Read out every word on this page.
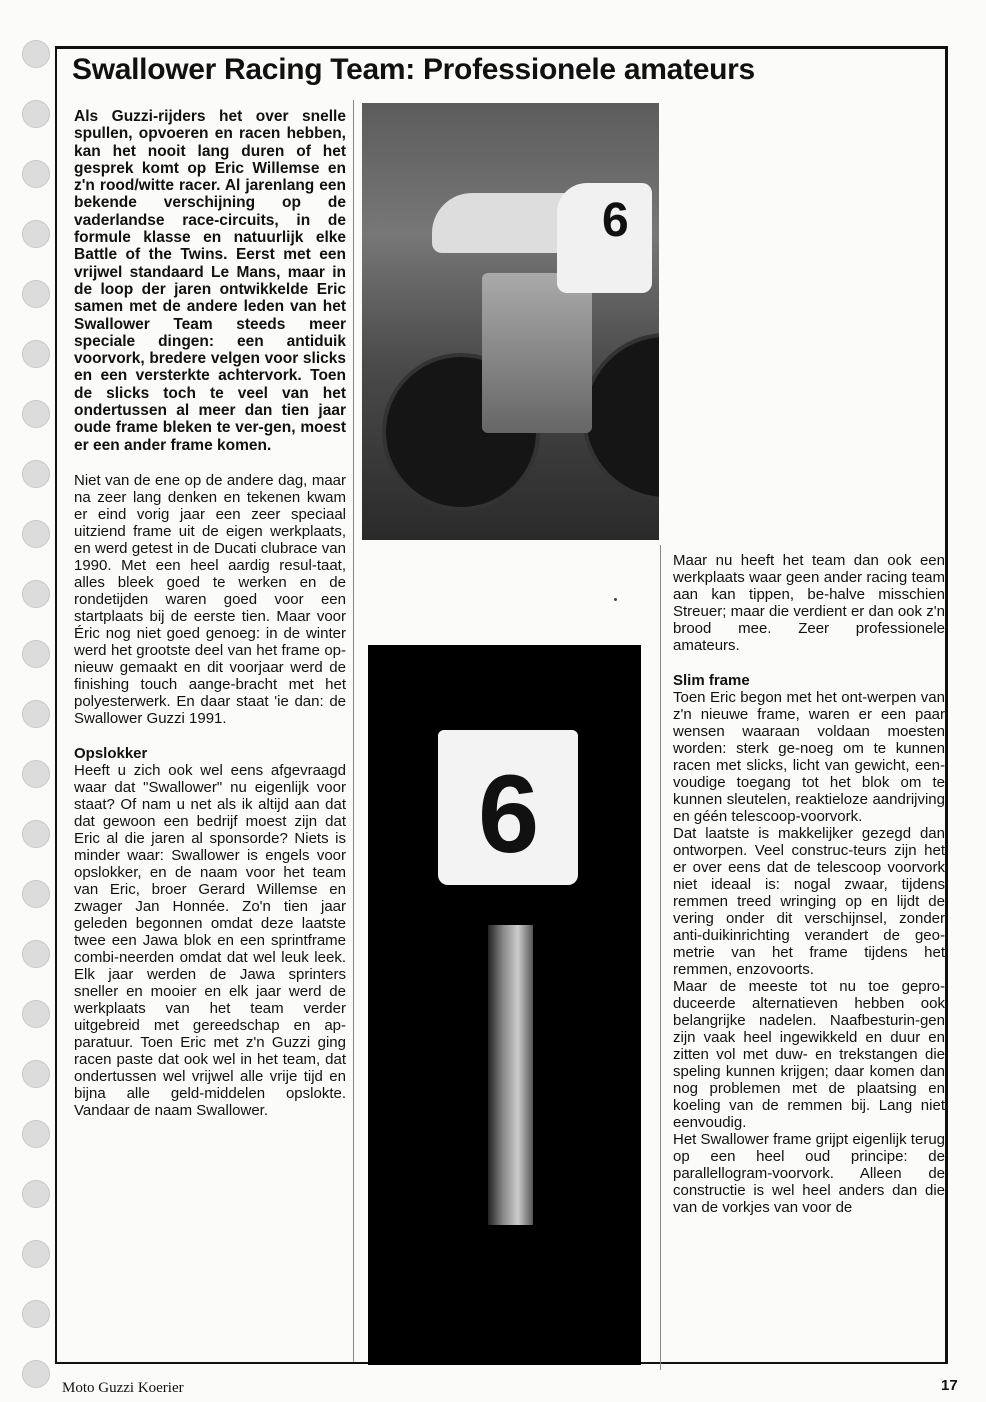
Swallower Racing Team: Professionele amateurs

Als Guzzi-rijders het over snelle spullen, opvoeren en racen hebben, kan het nooit lang duren of het gesprek komt op Eric Willemse en z'n rood/witte racer. Al jarenlang een bekende verschijning op de vaderlandse race-circuits, in de formule klasse en natuurlijk elke Battle of the Twins. Eerst met een vrijwel standaard Le Mans, maar in de loop der jaren ontwikkelde Eric samen met de andere leden van het Swallower Team steeds meer speciale dingen: een antiduik voorvork, bredere velgen voor slicks en een versterkte achtervork. Toen de slicks toch te veel van het ondertussen al meer dan tien jaar oude frame bleken te ver-gen, moest er een ander frame komen.

Niet van de ene op de andere dag, maar na zeer lang denken en tekenen kwam er eind vorig jaar een zeer speciaal uitziend frame uit de eigen werkplaats, en werd getest in de Ducati clubrace van 1990. Met een heel aardig resul-taat, alles bleek goed te werken en de rondetijden waren goed voor een startplaats bij de eerste tien. Maar voor Éric nog niet goed genoeg: in de winter werd het grootste deel van het frame op-nieuw gemaakt en dit voorjaar werd de finishing touch aange-bracht met het polyesterwerk. En daar staat 'ie dan: de Swallower Guzzi 1991.

Opslokker

Heeft u zich ook wel eens afgevraagd waar dat "Swallower" nu eigenlijk voor staat? Of nam u net als ik altijd aan dat dat gewoon een bedrijf moest zijn dat Eric al die jaren al sponsorde? Niets is minder waar: Swallower is engels voor opslokker, en de naam voor het team van Eric, broer Gerard Willemse en zwager Jan Honnée. Zo'n tien jaar geleden begonnen omdat deze laatste twee een Jawa blok en een sprintframe combi-neerden omdat dat wel leuk leek. Elk jaar werden de Jawa sprinters sneller en mooier en elk jaar werd de werkplaats van het team verder uitgebreid met gereedschap en ap-paratuur. Toen Eric met z'n Guzzi ging racen paste dat ook wel in het team, dat ondertussen wel vrijwel alle vrije tijd en bijna alle geld-middelen opslokte. Vandaar de naam Swallower.

6
6

Maar nu heeft het team dan ook een werkplaats waar geen ander racing team aan kan tippen, be-halve misschien Streuer; maar die verdient er dan ook z'n brood mee. Zeer professionele amateurs.

Slim frame

Toen Eric begon met het ont-werpen van z'n nieuwe frame, waren er een paar wensen waaraan voldaan moesten worden: sterk ge-noeg om te kunnen racen met slicks, licht van gewicht, een-voudige toegang tot het blok om te kunnen sleutelen, reaktieloze aandrijving en géén telescoop-voorvork.

Dat laatste is makkelijker gezegd dan ontworpen. Veel construc-teurs zijn het er over eens dat de telescoop voorvork niet ideaal is: nogal zwaar, tijdens remmen treed wringing op en lijdt de vering onder dit verschijnsel, zonder anti-duikinrichting verandert de geo-metrie van het frame tijdens het remmen, enzovoorts.

Maar de meeste tot nu toe gepro-duceerde alternatieven hebben ook belangrijke nadelen. Naafbesturin-gen zijn vaak heel ingewikkeld en duur en zitten vol met duw- en trekstangen die speling kunnen krijgen; daar komen dan nog problemen met de plaatsing en koeling van de remmen bij. Lang niet eenvoudig.

Het Swallower frame grijpt eigenlijk terug op een heel oud principe: de parallellogram-voorvork. Alleen de constructie is wel heel anders dan die van de vorkjes van voor de

Moto Guzzi Koerier	17
